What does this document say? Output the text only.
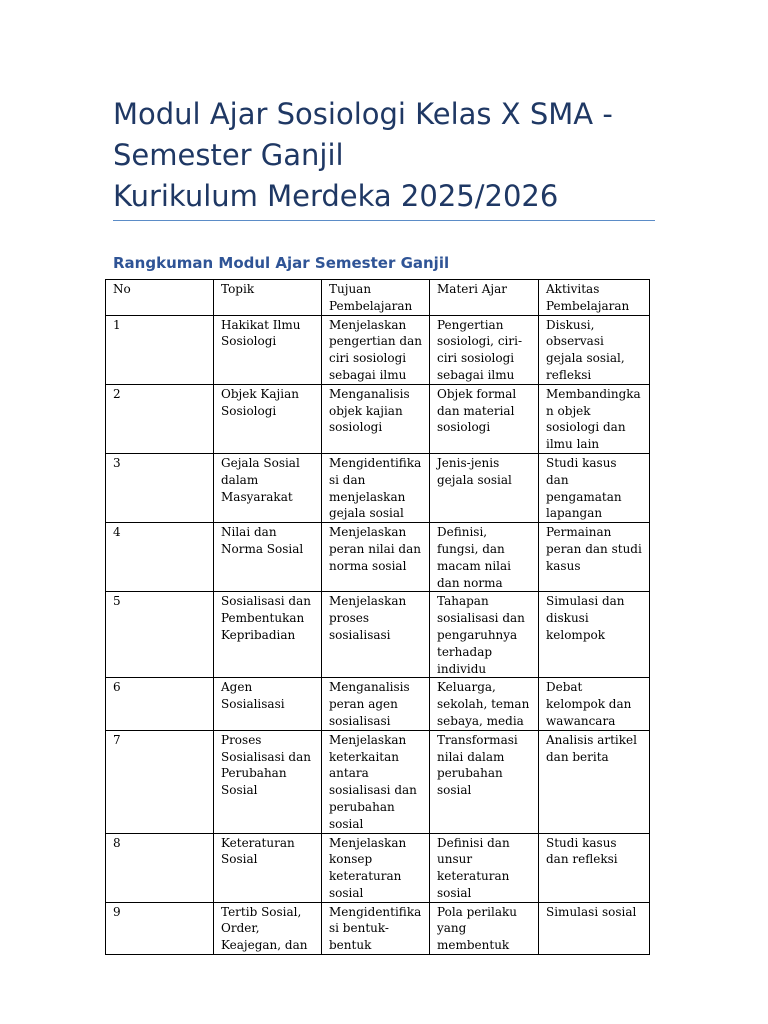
Modul Ajar Sosiologi Kelas X SMA -
Semester Ganjil
Kurikulum Merdeka 2025/2026
Rangkuman Modul Ajar Semester Ganjil
No	Topik	Tujuan Pembelajaran	Materi Ajar	Aktivitas Pembelajaran
1	Hakikat Ilmu Sosiologi	Menjelaskan pengertian dan ciri sosiologi sebagai ilmu	Pengertian sosiologi, ciri-ciri sosiologi sebagai ilmu	Diskusi, observasi gejala sosial, refleksi
2	Objek Kajian Sosiologi	Menganalisis objek kajian sosiologi	Objek formal dan material sosiologi	Membandingkan objek sosiologi dan ilmu lain
3	Gejala Sosial dalam Masyarakat	Mengidentifikasi dan menjelaskan gejala sosial	Jenis-jenis gejala sosial	Studi kasus dan pengamatan lapangan
4	Nilai dan Norma Sosial	Menjelaskan peran nilai dan norma sosial	Definisi, fungsi, dan macam nilai dan norma	Permainan peran dan studi kasus
5	Sosialisasi dan Pembentukan Kepribadian	Menjelaskan proses sosialisasi	Tahapan sosialisasi dan pengaruhnya terhadap individu	Simulasi dan diskusi kelompok
6	Agen Sosialisasi	Menganalisis peran agen sosialisasi	Keluarga, sekolah, teman sebaya, media	Debat kelompok dan wawancara
7	Proses Sosialisasi dan Perubahan Sosial	Menjelaskan keterkaitan antara sosialisasi dan perubahan sosial	Transformasi nilai dalam perubahan sosial	Analisis artikel dan berita
8	Keteraturan Sosial	Menjelaskan konsep keteraturan sosial	Definisi dan unsur keteraturan sosial	Studi kasus dan refleksi
9	Tertib Sosial, Order, Keajegan, dan	Mengidentifikasi bentuk-bentuk	Pola perilaku yang membentuk	Simulasi sosial
